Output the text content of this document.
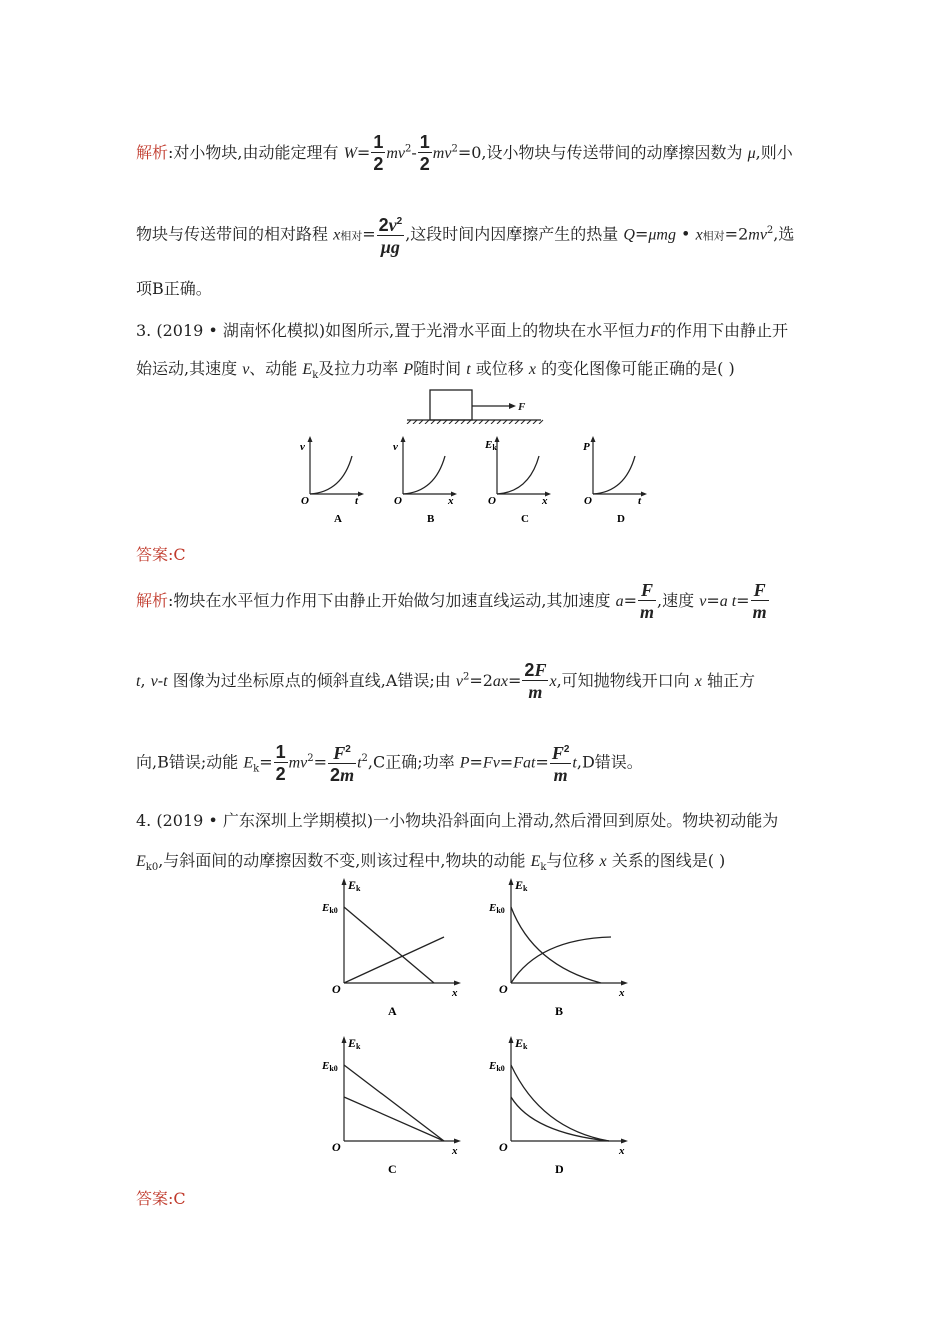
解析:对小物块,由动能定理有 $W= \frac{1}{2} mv^2- \frac{1}{2} mv^2=0$,设小物块与传送带间的动摩擦因数为 μ,则小
物块与传送带间的相对路程 x相对= $\frac{2v^2}{\mu g}$ ,这段时间内因摩擦产生的热量 Q=μmg • x相对$=2mv^2$,选
项B正确。
3. (2019 • 湖南怀化模拟)如图所示,置于光滑水平面上的物块在水平恒力F的作用下由静止开
始运动,其速度 v、动能 $E_k$及拉力功率 P随时间 t 或位移 x 的变化图像可能正确的是( )
F
v
O	t
A
v
O	x
B
Ek
O	x
C
P
O	t
D
答案:C
解析:物块在水平恒力作用下由静止开始做匀加速直线运动,其加速度 $a= \frac{F}{m}$ ,速度 v=a $t= \frac{F}{m}$
t, v-t 图像为过坐标原点的倾斜直线,A错误;由 $v^2=2ax= \frac{2F}{m} x$,可知抛物线开口向 x 轴正方
向,B错误;动能 $E_k= \frac{1}{2} mv^2= \frac{F^2}{2m} t^2,C$正确;功率 $P=Fv=Fat= \frac{F^2}{m} t,D$错误。
4. (2019 • 广东深圳上学期模拟)一小物块沿斜面向上滑动,然后滑回到原处。物块初动能为
$E_{k0}$,与斜面间的动摩擦因数不变,则该过程中,物块的动能 $E_k$与位移 x 关系的图线是( )
Ek
Ek0
O	x
A
Ek
Ek0
O	x
B
Ek
Ek0
O	x
C
Ek
Ek0
O	x
D
答案:C
